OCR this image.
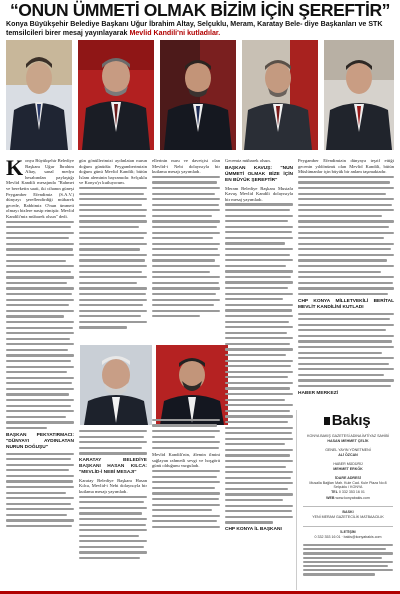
“ONUN ÜMMETİ OLMAK BİZİM İÇİN ŞEREFTİR”
Konya Büyükşehir Belediye Başkanı Uğur İbrahim Altay, Selçuklu, Meram, Karatay Bele- diye Başkanları ve STK temsilcileri birer mesaj yayınlayarak Mevlid Kandili'ni kutladılar.
K onya Büyükşehir Belediye Başkanı Uğur İbrahim Altay, sanal medya hesabından paylaştığı Mevlid Kandili mesajında "Rahmet ve bereketin saati, iki cihanın güneşi Peygamber Efendimiz (S.A.V.) dünyayı şereflendirdiği mübarek gecede, Rabbimiz O'nun ümmeti olmayı bizlere nasip etmiştir. Mevlid Kandili'miz mübarek olsun" dedi.

BAŞKAN PEKYATIRMACI: "DÜNYAYI AYDINLATAN NURUN DOĞUŞU"

gün gönüllerimizi aydınlatan nurun doğum günüdür. Peygamberimizin doğum günü Mevlid Kandili; bütün İslam aleminin bayramıdır. Selçuklu ve Konya'yı kutluyorum.

KARATAY BELEDİYE BAŞKANI HASAN KILCA: "MEVLİD-İ NEBİ MESAJI"

Karatay Belediye Başkanı Hasan Kılca, Mevlid-i Nebi dolayısıyla bir kutlama mesajı yayımladı.

ellerinin nuru ve davetçisi olan Mevlid-i Nebi dolayısıyla bir kutlama mesajı yayımladı.

Mevlid Kandili'nin, âlemin ilmini sağlayan rahmetli sevgi ve hoşgörü günü olduğunu vurguladı.

Gecemiz mübarek olsun.

BAŞKAN KAVUŞ: "NUN ÜMMETİ OLMAK BİZE İÇİN EN BÜYÜK ŞEREFTİR"

Meram Belediye Başkanı Mustafa Kavuş Mevlid Kandili dolayısıyla bir mesaj yayımladı.

CHP KONYA İL BAŞKANI

Peygamber Efendimizin dünyaya teşrif ettiği gecenin yıldönümü olan Mevlid Kandili, bütün Müslümanlar için büyük bir anlam taşımaktadır.

CHP KONYA MİLLETVEKİLİ BERİTAL MEVLİT KANDİLİNİ KUTLADI
HABER MERKEZİ
Bakış
KONYA BAKIŞ GAZETESİ ADINA İMTİYAZ SAHİBİ
HASAN MEHMET ÇELİK
GENEL YAYIN YÖNETMENİ
ALİ ÖZCAN
HABER MÜDÜRÜ
MEHMET ERKÖK
İDARE ADRESİ
Musalla Bağları Mah. Kule Cad. Kule Plaza No:8 Selçuklu / KONYA
TEL 0 332 353 16 01
WEB www.konyabakis.com
BASKI
YENİ MERAM GAZETECİLİK MATBAACILIK
İLETİŞİM
0 332 353 16 01 · bakis@konyabakis.com
